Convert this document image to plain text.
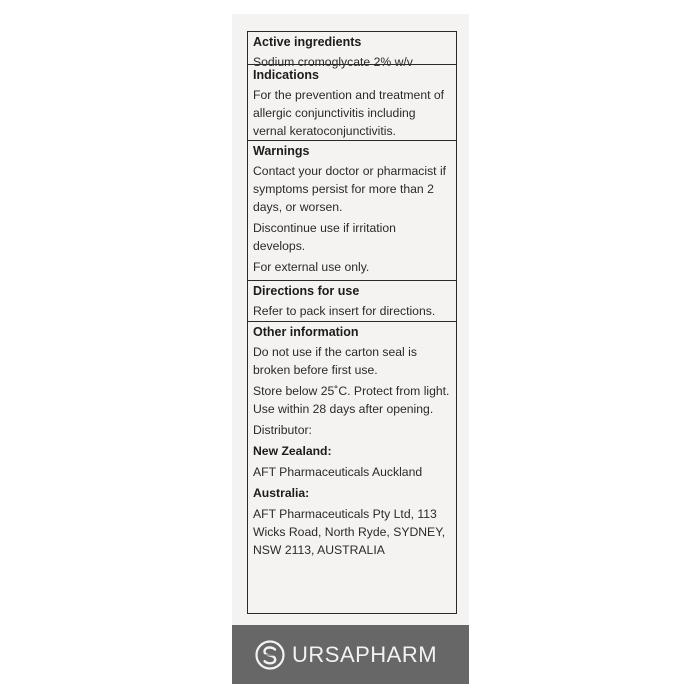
Active ingredients
Sodium cromoglycate 2% w/v
Indications
For the prevention and treatment of allergic conjunctivitis including vernal keratoconjunctivitis.
Warnings
Contact your doctor or pharmacist if symptoms persist for more than 2 days, or worsen.
Discontinue use if irritation develops.
For external use only.
Directions for use
Refer to pack insert for directions.
Other information
Do not use if the carton seal is broken before first use.
Store below 25˚C. Protect from light. Use within 28 days after opening.
Distributor:
New Zealand:
AFT Pharmaceuticals Auckland
Australia:
AFT Pharmaceuticals Pty Ltd, 113 Wicks Road, North Ryde, SYDNEY, NSW 2113, AUSTRALIA
URSAPHARM
